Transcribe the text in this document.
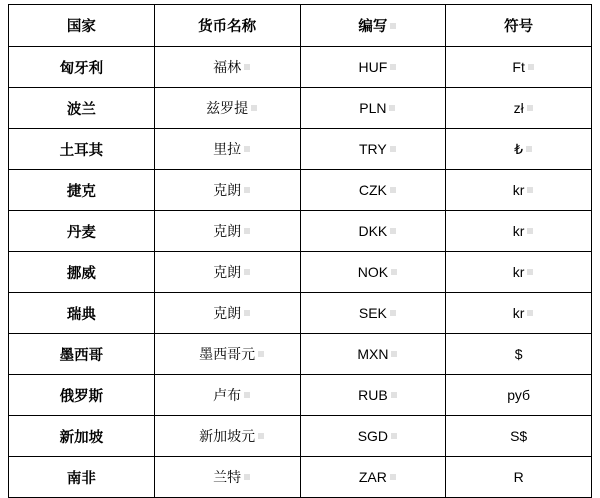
国家	货币名称	编写	符号
匈牙利	福林	HUF	Ft
波兰	兹罗提	PLN	zł
土耳其	里拉	TRY	₺
捷克	克朗	CZK	kr
丹麦	克朗	DKK	kr
挪威	克朗	NOK	kr
瑞典	克朗	SEK	kr
墨西哥	墨西哥元	MXN	$
俄罗斯	卢布	RUB	руб
新加坡	新加坡元	SGD	S$
南非	兰特	ZAR	R
